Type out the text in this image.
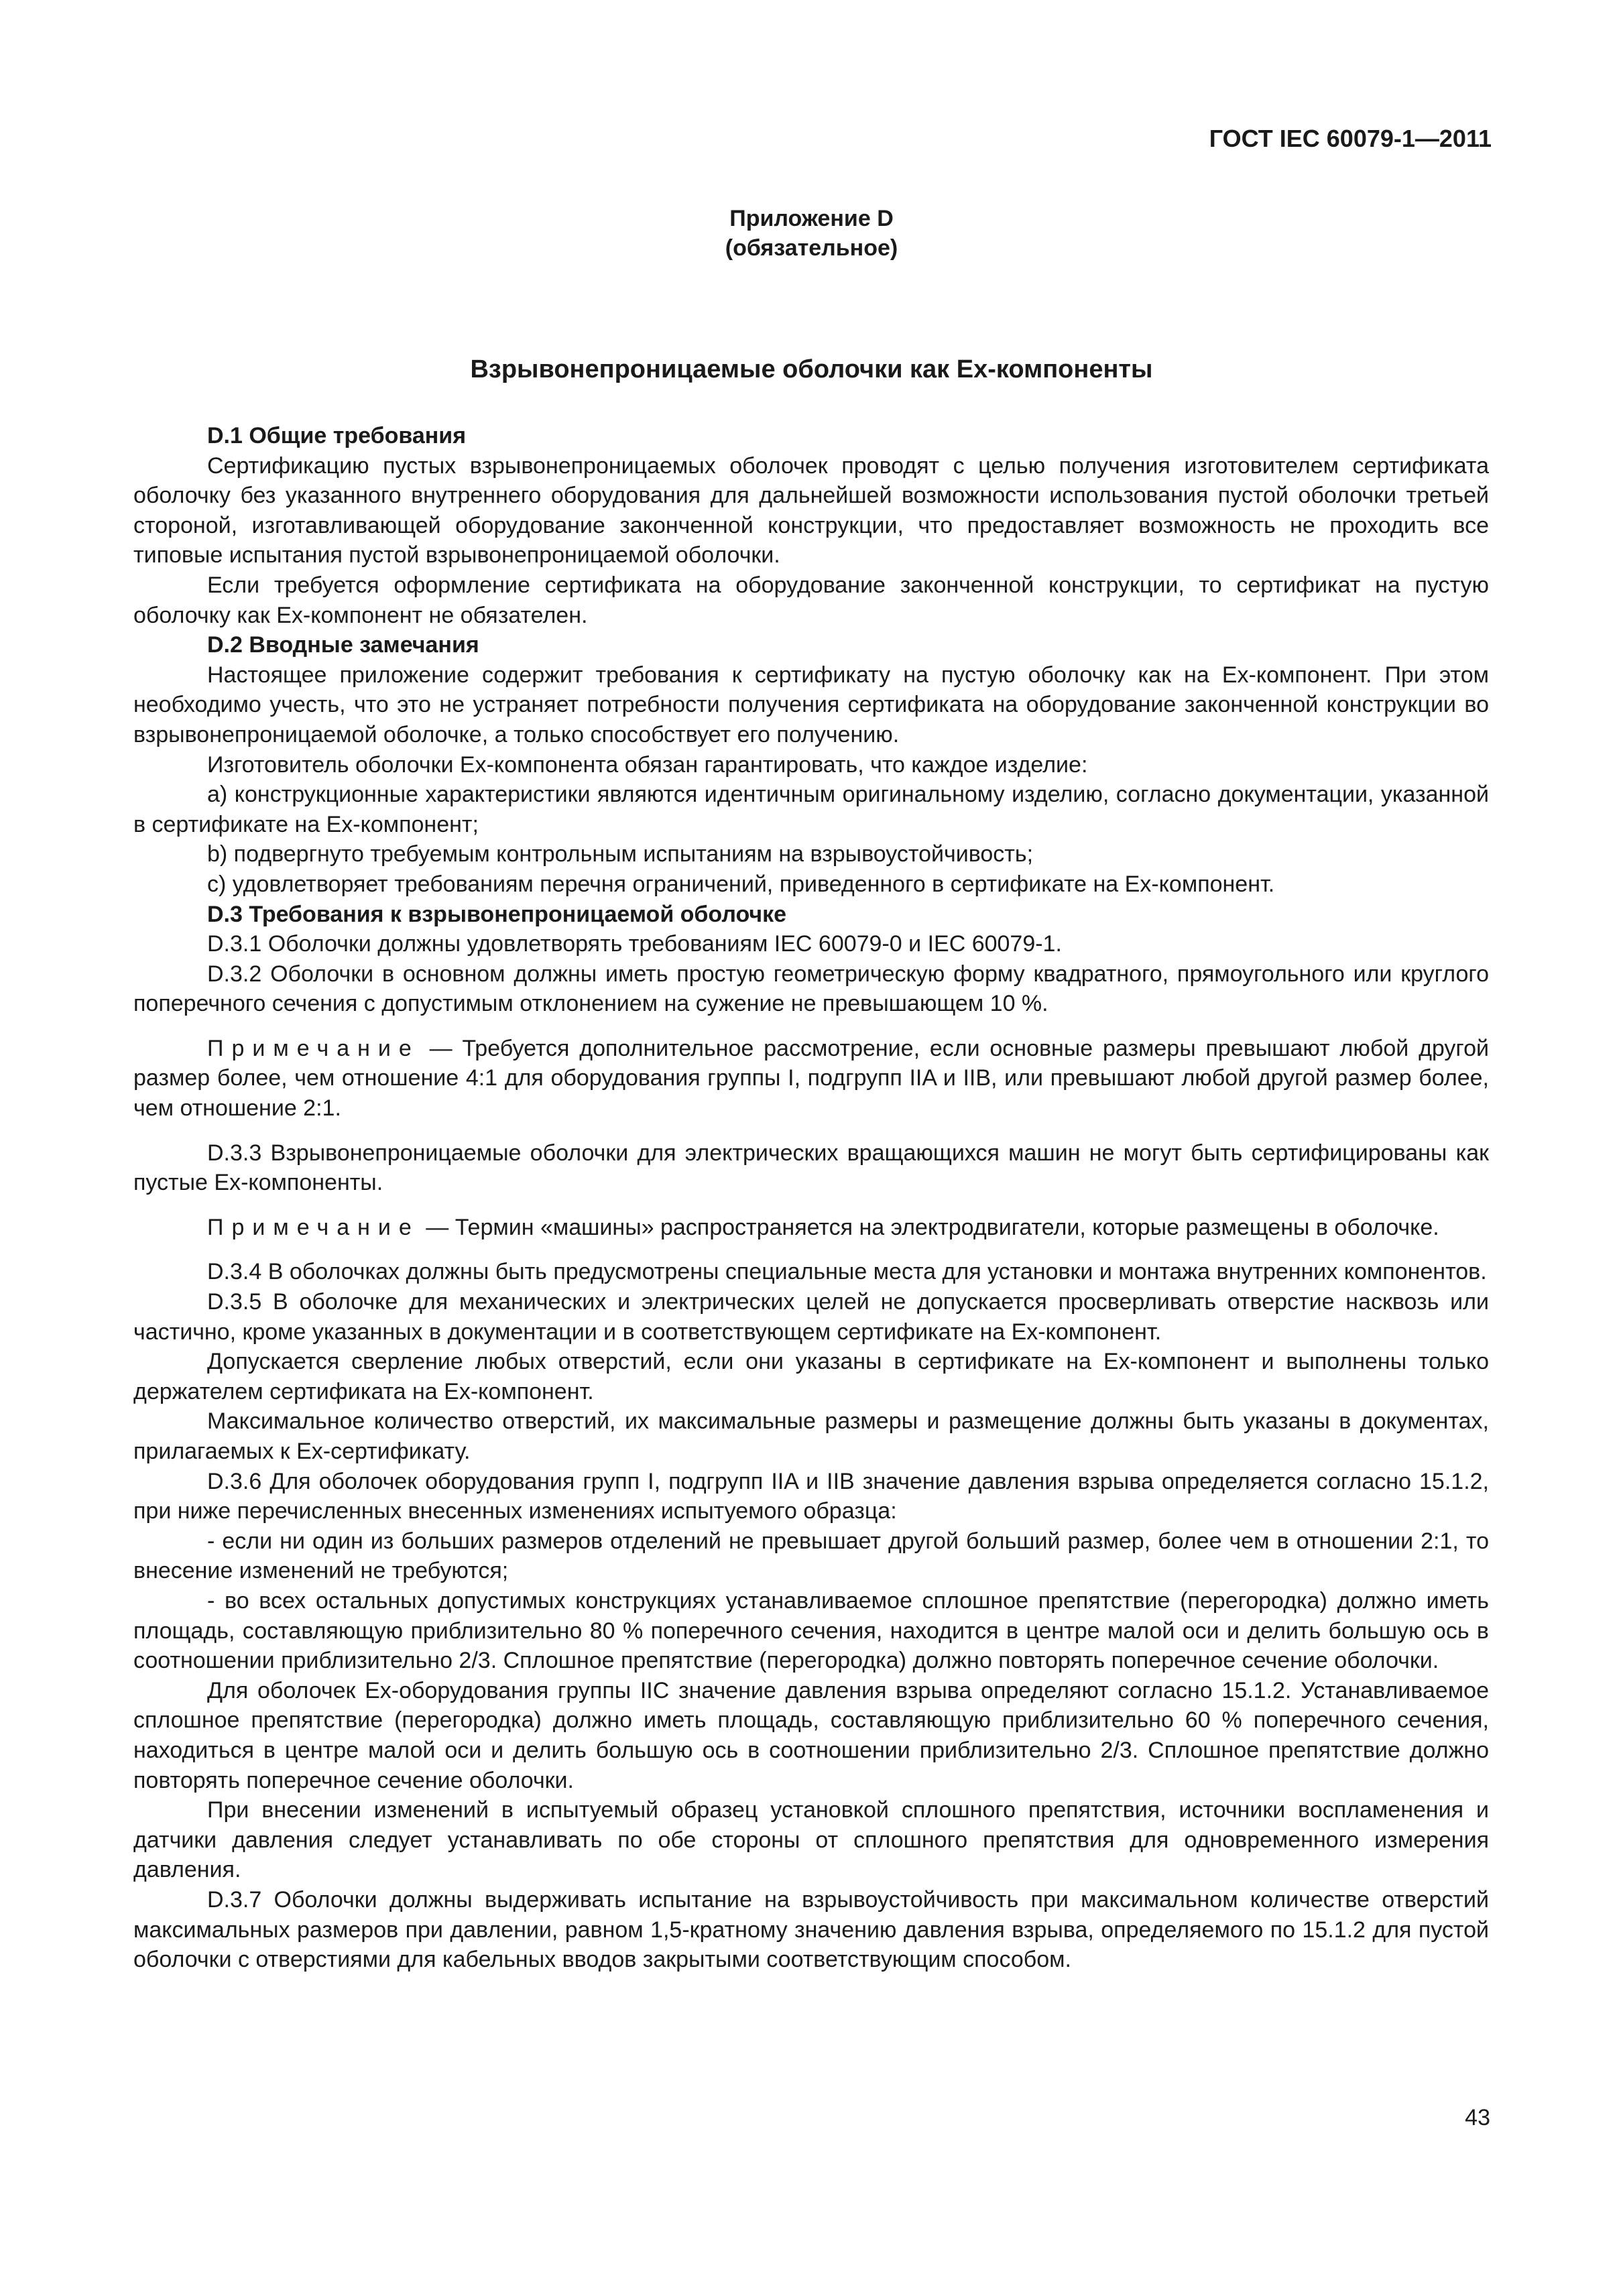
ГОСТ IEC 60079-1—2011
Приложение D
(обязательное)
Взрывонепроницаемые оболочки как Ex-компоненты

D.1 Общие требования

Сертификацию пустых взрывонепроницаемых оболочек проводят с целью получения изготовителем сертификата оболочку без указанного внутреннего оборудования для дальнейшей возможности использования пустой оболочки третьей стороной, изготавливающей оборудование законченной конструкции, что предоставляет возможность не проходить все типовые испытания пустой взрывонепроницаемой оболочки.

Если требуется оформление сертификата на оборудование законченной конструкции, то сертификат на пустую оболочку как Ex-компонент не обязателен.

D.2 Вводные замечания

Настоящее приложение содержит требования к сертификату на пустую оболочку как на Ex-компонент. При этом необходимо учесть, что это не устраняет потребности получения сертификата на оборудование законченной конструкции во взрывонепроницаемой оболочке, а только способствует его получению.

Изготовитель оболочки Ex-компонента обязан гарантировать, что каждое изделие:

a) конструкционные характеристики являются идентичным оригинальному изделию, согласно документации, указанной в сертификате на Ex-компонент;

b) подвергнуто требуемым контрольным испытаниям на взрывоустойчивость;

c) удовлетворяет требованиям перечня ограничений, приведенного в сертификате на Ex-компонент.

D.3 Требования к взрывонепроницаемой оболочке

D.3.1 Оболочки должны удовлетворять требованиям IEC 60079-0 и IEC 60079-1.

D.3.2 Оболочки в основном должны иметь простую геометрическую форму квадратного, прямоугольного или круглого поперечного сечения с допустимым отклонением на сужение не превышающем 10 %.

Примечание — Требуется дополнительное рассмотрение, если основные размеры превышают любой другой размер более, чем отношение 4:1 для оборудования группы I, подгрупп IIA и IIB, или превышают любой другой размер более, чем отношение 2:1.

D.3.3 Взрывонепроницаемые оболочки для электрических вращающихся машин не могут быть сертифицированы как пустые Ex-компоненты.

Примечание — Термин «машины» распространяется на электродвигатели, которые размещены в оболочке.

D.3.4 В оболочках должны быть предусмотрены специальные места для установки и монтажа внутренних компонентов.

D.3.5 В оболочке для механических и электрических целей не допускается просверливать отверстие насквозь или частично, кроме указанных в документации и в соответствующем сертификате на Ex-компонент.

Допускается сверление любых отверстий, если они указаны в сертификате на Ex-компонент и выполнены только держателем сертификата на Ex-компонент.

Максимальное количество отверстий, их максимальные размеры и размещение должны быть указаны в документах, прилагаемых к Ex-сертификату.

D.3.6 Для оболочек оборудования групп I, подгрупп IIA и IIB значение давления взрыва определяется согласно 15.1.2, при ниже перечисленных внесенных изменениях испытуемого образца:

- если ни один из больших размеров отделений не превышает другой больший размер, более чем в отношении 2:1, то внесение изменений не требуются;

- во всех остальных допустимых конструкциях устанавливаемое сплошное препятствие (перегородка) должно иметь площадь, составляющую приблизительно 80 % поперечного сечения, находится в центре малой оси и делить большую ось в соотношении приблизительно 2/3. Сплошное препятствие (перегородка) должно повторять поперечное сечение оболочки.

Для оболочек Ex-оборудования группы IIC значение давления взрыва определяют согласно 15.1.2. Устанавливаемое сплошное препятствие (перегородка) должно иметь площадь, составляющую приблизительно 60 % поперечного сечения, находиться в центре малой оси и делить большую ось в соотношении приблизительно 2/3. Сплошное препятствие должно повторять поперечное сечение оболочки.

При внесении изменений в испытуемый образец установкой сплошного препятствия, источники воспламенения и датчики давления следует устанавливать по обе стороны от сплошного препятствия для одновременного измерения давления.

D.3.7 Оболочки должны выдерживать испытание на взрывоустойчивость при максимальном количестве отверстий максимальных размеров при давлении, равном 1,5-кратному значению давления взрыва, определяемого по 15.1.2 для пустой оболочки с отверстиями для кабельных вводов закрытыми соответствующим способом.

43
